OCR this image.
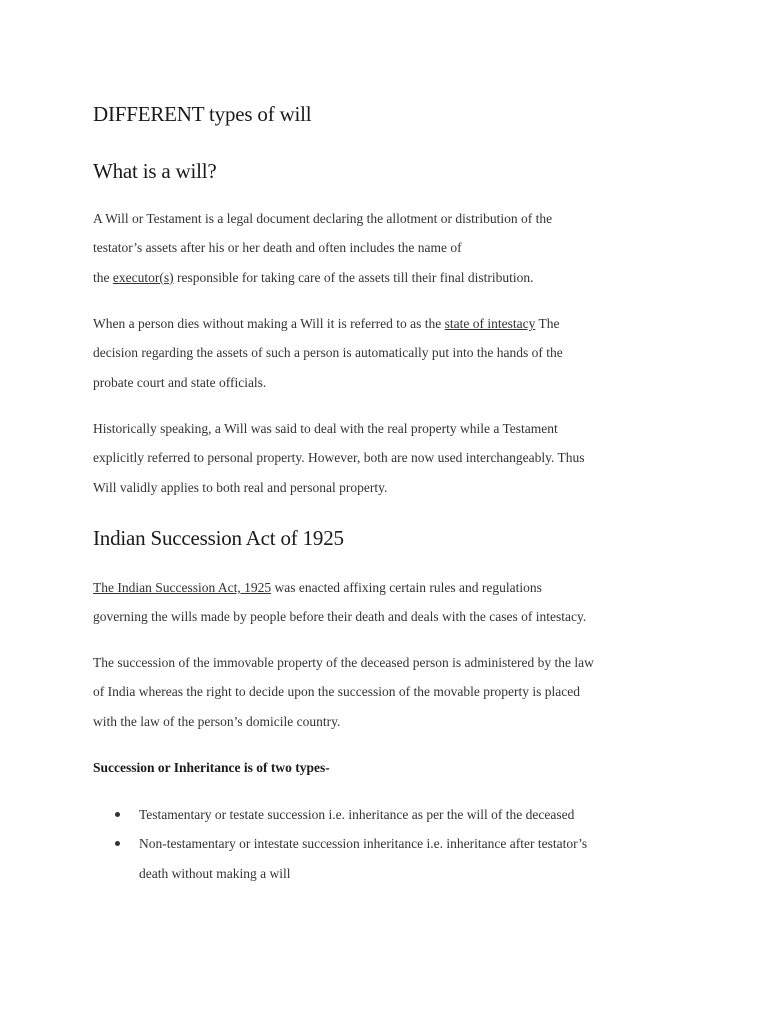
DIFFERENT types of will
What is a will?

A Will or Testament is a legal document declaring the allotment or distribution of the
testator’s assets after his or her death and often includes the name of
the executor(s) responsible for taking care of the assets till their final distribution.

When a person dies without making a Will it is referred to as the state of intestacy The
decision regarding the assets of such a person is automatically put into the hands of the
probate court and state officials.

Historically speaking, a Will was said to deal with the real property while a Testament
explicitly referred to personal property. However, both are now used interchangeably. Thus
Will validly applies to both real and personal property.

Indian Succession Act of 1925

The Indian Succession Act, 1925 was enacted affixing certain rules and regulations
governing the wills made by people before their death and deals with the cases of intestacy.

The succession of the immovable property of the deceased person is administered by the law
of India whereas the right to decide upon the succession of the movable property is placed
with the law of the person’s domicile country.

Succession or Inheritance is of two types-

Testamentary or testate succession i.e. inheritance as per the will of the deceased
Non-testamentary or intestate succession inheritance i.e. inheritance after testator’s
death without making a will
